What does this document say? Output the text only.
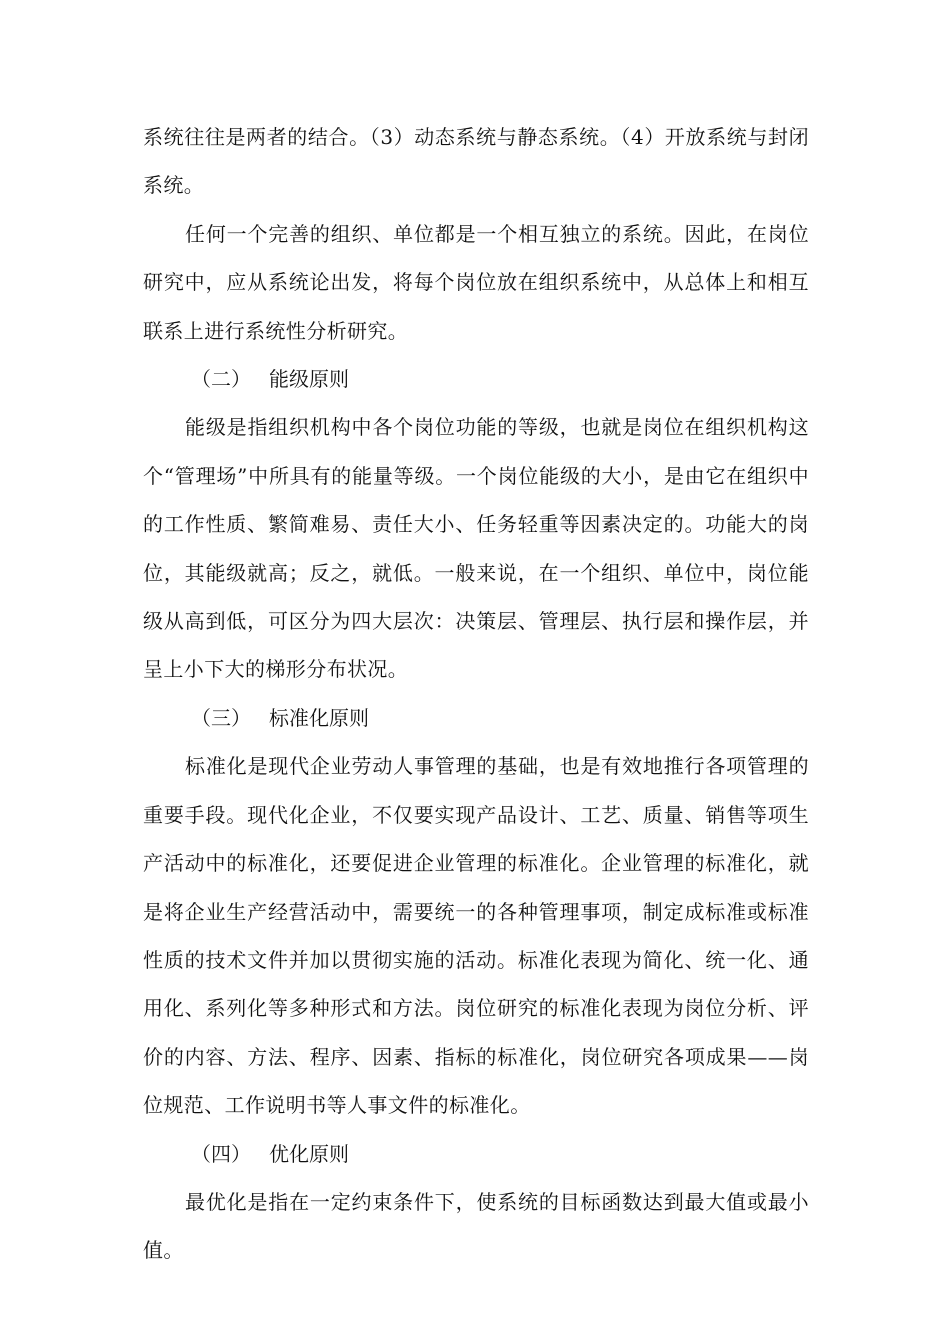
系统往往是两者的结合。（3）动态系统与静态系统。（4）开放系统与封闭系统。

任何一个完善的组织、单位都是一个相互独立的系统。因此，在岗位研究中，应从系统论出发，将每个岗位放在组织系统中，从总体上和相互联系上进行系统性分析研究。

（二） 能级原则

能级是指组织机构中各个岗位功能的等级，也就是岗位在组织机构这个“管理场”中所具有的能量等级。一个岗位能级的大小，是由它在组织中的工作性质、繁简难易、责任大小、任务轻重等因素决定的。功能大的岗位，其能级就高；反之，就低。一般来说，在一个组织、单位中，岗位能级从高到低，可区分为四大层次：决策层、管理层、执行层和操作层，并呈上小下大的梯形分布状况。

（三） 标准化原则

标准化是现代企业劳动人事管理的基础，也是有效地推行各项管理的重要手段。现代化企业，不仅要实现产品设计、工艺、质量、销售等项生产活动中的标准化，还要促进企业管理的标准化。企业管理的标准化，就是将企业生产经营活动中，需要统一的各种管理事项，制定成标准或标准性质的技术文件并加以贯彻实施的活动。标准化表现为简化、统一化、通用化、系列化等多种形式和方法。岗位研究的标准化表现为岗位分析、评价的内容、方法、程序、因素、指标的标准化，岗位研究各项成果——岗位规范、工作说明书等人事文件的标准化。

（四） 优化原则

最优化是指在一定约束条件下，使系统的目标函数达到最大值或最小值。
